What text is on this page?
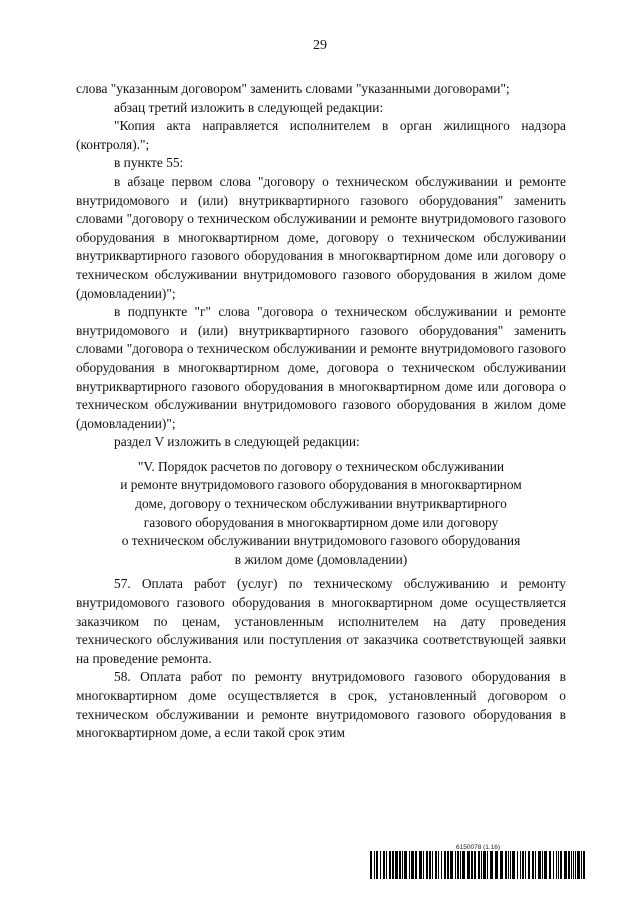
29

слова "указанным договором" заменить словами "указанными договорами";

абзац третий изложить в следующей редакции:

"Копия акта направляется исполнителем в орган жилищного надзора (контроля).";

в пункте 55:

в абзаце первом слова "договору о техническом обслуживании и ремонте внутридомового и (или) внутриквартирного газового оборудования" заменить словами "договору о техническом обслуживании и ремонте внутридомового газового оборудования в многоквартирном доме, договору о техническом обслуживании внутриквартирного газового оборудования в многоквартирном доме или договору о техническом обслуживании внутридомового газового оборудования в жилом доме (домовладении)";

в подпункте "г" слова "договора о техническом обслуживании и ремонте внутридомового и (или) внутриквартирного газового оборудования" заменить словами "договора о техническом обслуживании и ремонте внутридомового газового оборудования в многоквартирном доме, договора о техническом обслуживании внутриквартирного газового оборудования в многоквартирном доме или договора о техническом обслуживании внутридомового газового оборудования в жилом доме (домовладении)";

раздел V изложить в следующей редакции:

"V. Порядок расчетов по договору о техническом обслуживании
и ремонте внутридомового газового оборудования в многоквартирном
доме, договору о техническом обслуживании внутриквартирного
газового оборудования в многоквартирном доме или договору
о техническом обслуживании внутридомового газового оборудования
в жилом доме (домовладении)

57. Оплата работ (услуг) по техническому обслуживанию и ремонту внутридомового газового оборудования в многоквартирном доме осуществляется заказчиком по ценам, установленным исполнителем на дату проведения технического обслуживания или поступления от заказчика соответствующей заявки на проведение ремонта.

58. Оплата работ по ремонту внутридомового газового оборудования в многоквартирном доме осуществляется в срок, установленный договором о техническом обслуживании и ремонте внутридомового газового оборудования в многоквартирном доме, а если такой срок этим

6150078 (1.16)
